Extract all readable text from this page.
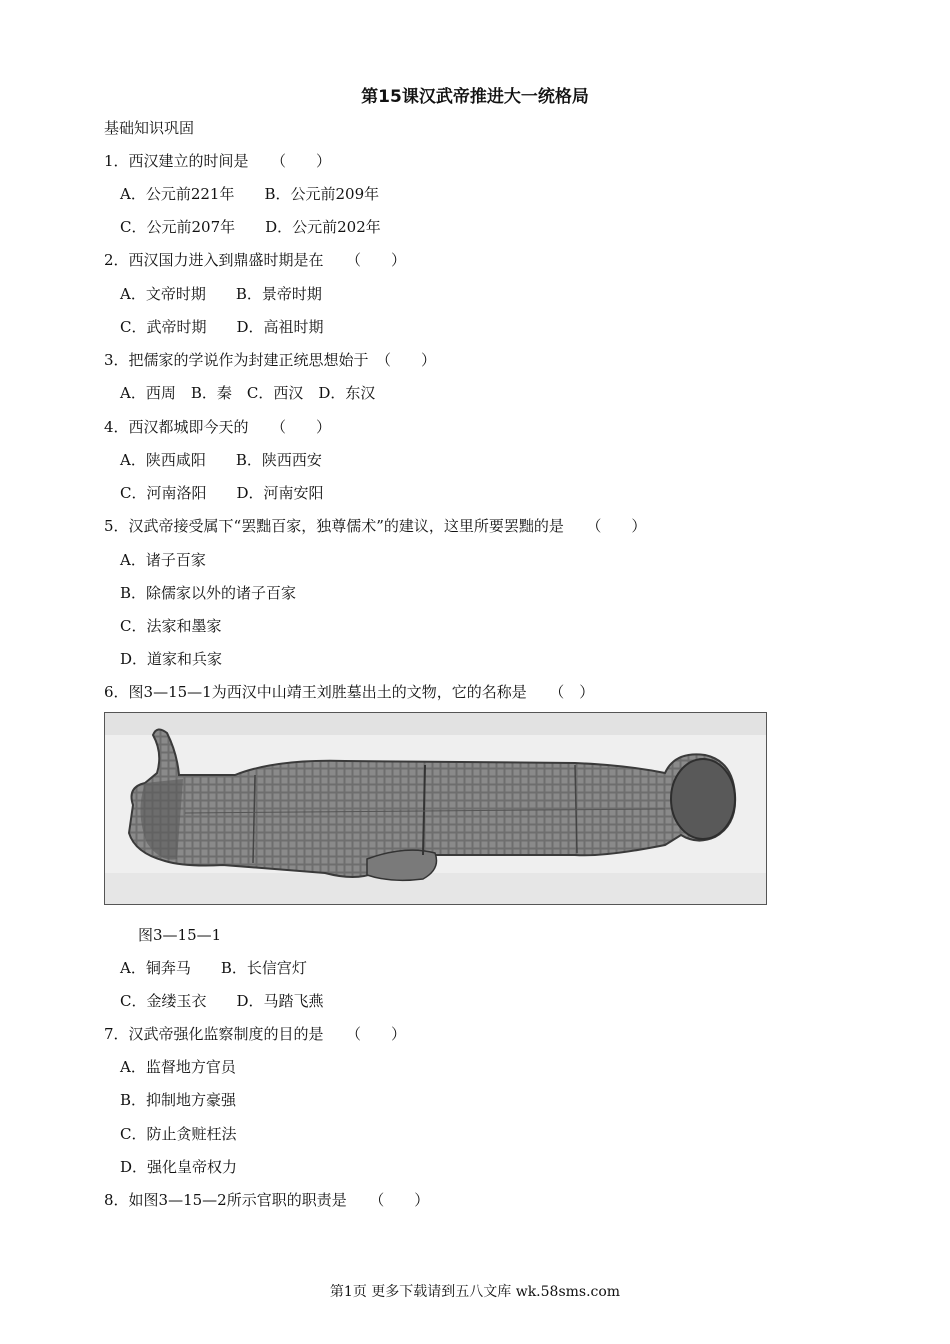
第15课汉武帝推进大一统格局
基础知识巩固
1．西汉建立的时间是　　（　　）
A．公元前221年　　B．公元前209年
C．公元前207年　　D．公元前202年
2．西汉国力进入到鼎盛时期是在　　（　　）
A．文帝时期　　B．景帝时期
C．武帝时期　　D．高祖时期
3．把儒家的学说作为封建正统思想始于　（　　）
A．西周　B．秦　C．西汉　D．东汉
4．西汉都城即今天的　　（　　）
A．陕西咸阳　　B．陕西西安
C．河南洛阳　　D．河南安阳
5．汉武帝接受属下“罢黜百家，独尊儒术”的建议，这里所要罢黜的是　　（　　）
A．诸子百家
B．除儒家以外的诸子百家
C．法家和墨家
D．道家和兵家
6．图3—15—1为西汉中山靖王刘胜墓出土的文物，它的名称是　　（　）
图3—15—1
A．铜奔马　　B．长信宫灯
C．金缕玉衣　　D．马踏飞燕
7．汉武帝强化监察制度的目的是　　（　　）
A．监督地方官员
B．抑制地方豪强
C．防止贪赃枉法
D．强化皇帝权力
8．如图3—15—2所示官职的职责是　　（　　）
第1页 更多下载请到五八文库 wk.58sms.com
